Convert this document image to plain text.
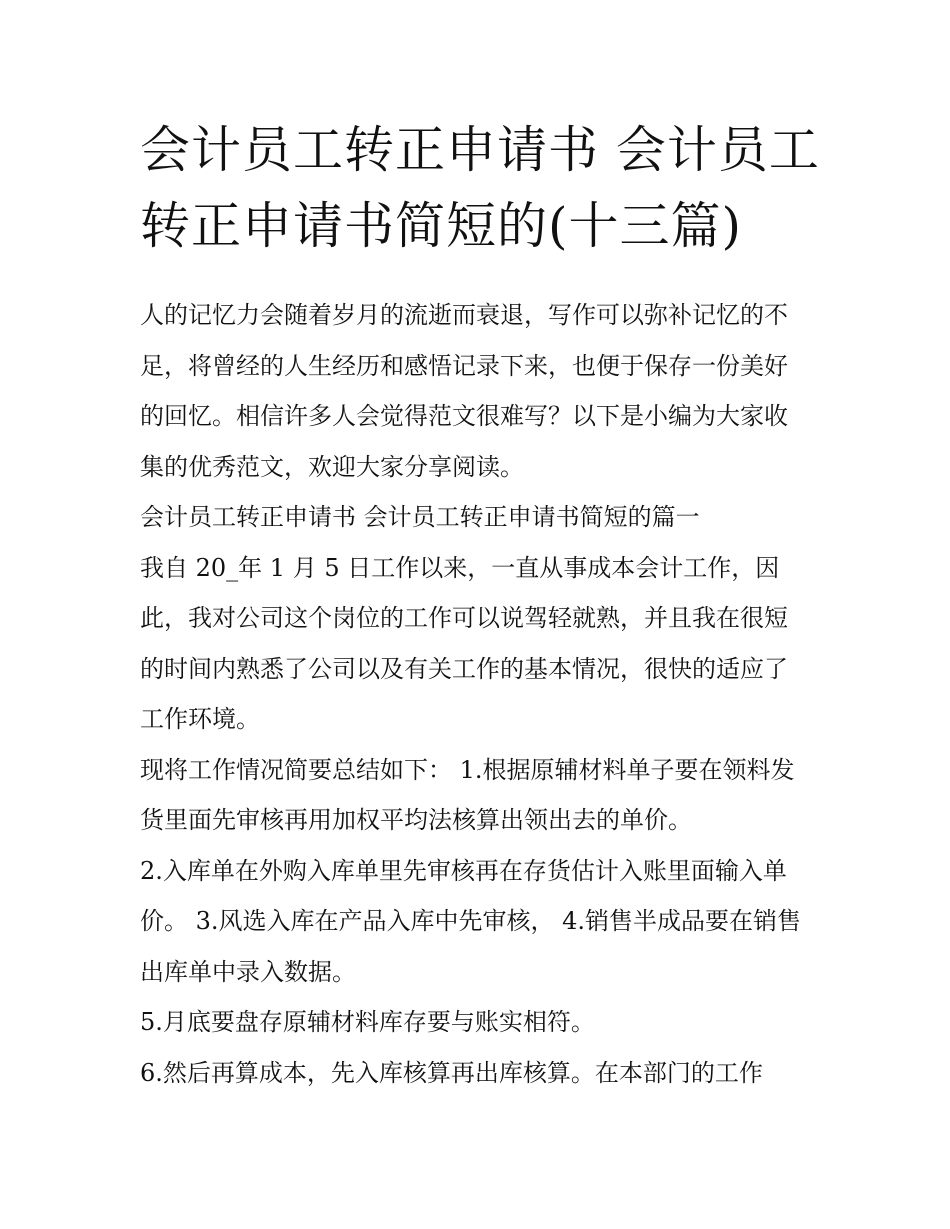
会计员工转正申请书 会计员工
转正申请书简短的(十三篇)

人的记忆力会随着岁月的流逝而衰退，写作可以弥补记忆的不

足，将曾经的人生经历和感悟记录下来，也便于保存一份美好

的回忆。相信许多人会觉得范文很难写？以下是小编为大家收

集的优秀范文，欢迎大家分享阅读。

会计员工转正申请书 会计员工转正申请书简短的篇一

我自 20_年 1 月 5 日工作以来，一直从事成本会计工作，因

此，我对公司这个岗位的工作可以说驾轻就熟，并且我在很短

的时间内熟悉了公司以及有关工作的基本情况，很快的适应了

工作环境。

现将工作情况简要总结如下： 1.根据原辅材料单子要在领料发

货里面先审核再用加权平均法核算出领出去的单价。

2.入库单在外购入库单里先审核再在存货估计入账里面输入单

价。 3.风选入库在产品入库中先审核， 4.销售半成品要在销售

出库单中录入数据。

5.月底要盘存原辅材料库存要与账实相符。

6.然后再算成本，先入库核算再出库核算。在本部门的工作
